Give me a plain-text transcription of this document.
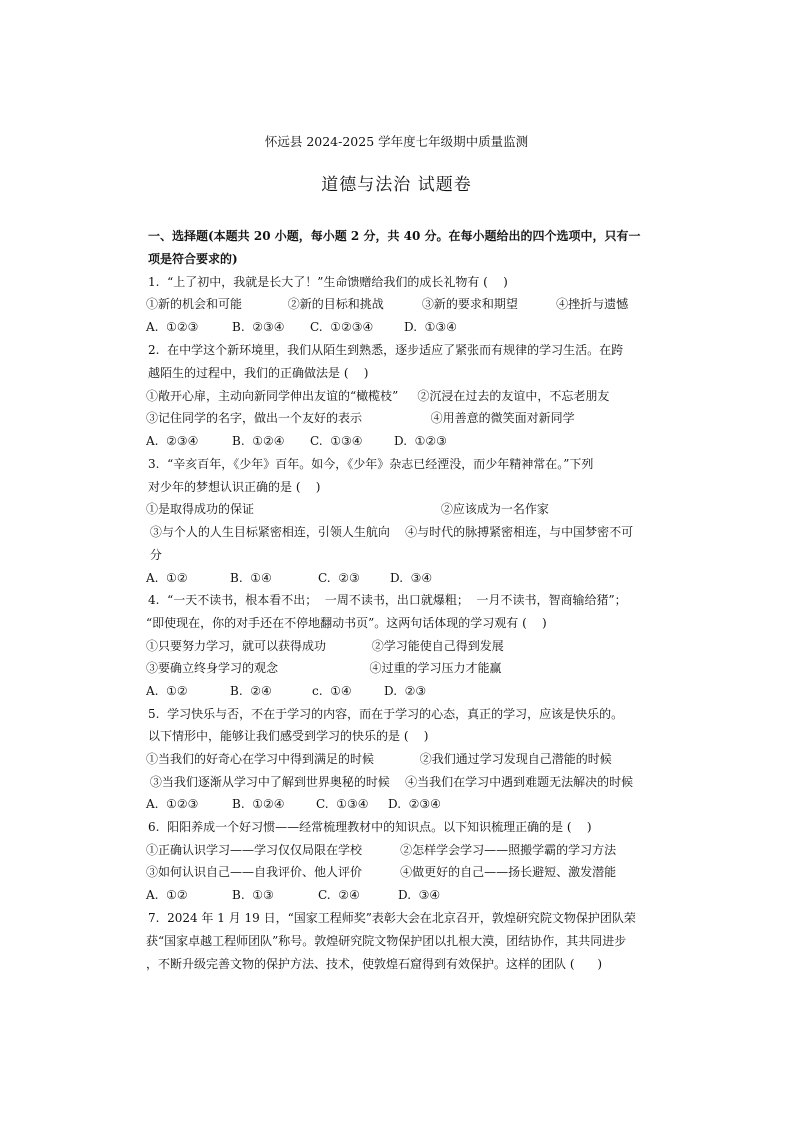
怀远县 2024-2025 学年度七年级期中质量监测
道德与法治 试题卷
一、选择题(本题共 20 小题，每小题 2 分，共 40 分。在每小题给出的四个选项中，只有一
项是符合要求的)
1.  “上了初中，我就是长大了！”生命馈赠给我们的成长礼物有 (    )
①新的机会和可能            ②新的目标和挑战          ③新的要求和期望          ④挫折与遗憾

A.  ①②③

	B.  ②③④

C.  ①②③④

	D.  ①③④

2.  在中学这个新环境里，我们从陌生到熟悉，逐步适应了紧张而有规律的学习生活。在跨
越陌生的过程中，我们的正确做法是 (    )
①敞开心扉，主动向新同学伸出友谊的“橄榄枝”     ②沉浸在过去的友谊中，不忘老朋友
③记住同学的名字，做出一个友好的表示                  ④用善意的微笑面对新同学

A.  ②③④

	B.  ①②④

C.  ①③④

	D.  ①②③

3.  “辛亥百年，《少年》百年。如今，《少年》杂志已经湮没，而少年精神常在。”下列
对少年的梦想认识正确的是 (    )
①是取得成功的保证                                                 ②应该成为一名作家
③与个人的人生目标紧密相连，引领人生航向    ④与时代的脉搏紧密相连，与中国梦密不可
分

A.  ①②

	B.  ①④

	C.  ②③

	D.  ③④

4.  “一天不读书，根本看不出；  一周不读书，出口就爆粗；  一月不读书，智商输给猪”；
“即使现在，你的对手还在不停地翻动书页”。这两句话体现的学习观有 (    )
①只要努力学习，就可以获得成功            ②学习能使自己得到发展
③要确立终身学习的观念                        ④过重的学习压力才能赢

A.  ①②

	B.  ②④

	c.  ①④

	D.  ②③

5.  学习快乐与否，不在于学习的内容，而在于学习的心态，真正的学习，应该是快乐的。
以下情形中，能够让我们感受到学习的快乐的是 (    )
①当我们的好奇心在学习中得到满足的时候            ②我们通过学习发现自己潜能的时候
③当我们逐渐从学习中了解到世界奥秘的时候    ④当我们在学习中遇到难题无法解决的时候

A.  ①②③

	B.  ①②④

	C.  ①③④

D.  ②③④

6.  阳阳养成一个好习惯——经常梳理教材中的知识点。以下知识梳理正确的是 (    )
①正确认识学习——学习仅仅局限在学校          ②怎样学会学习——照搬学霸的学习方法
③如何认识自己——自我评价、他人评价          ④做更好的自己——扬长避短、激发潜能

A.  ①②

	B.  ①③

	C.  ②④

	D.  ③④

7.  2024 年 1 月 19 日，“国家工程师奖”表彰大会在北京召开，敦煌研究院文物保护团队荣
获“国家卓越工程师团队”称号。敦煌研究院文物保护团以扎根大漠，团结协作，其共同进步
，不断升级完善文物的保护方法、技术，使敦煌石窟得到有效保护。这样的团队 (      )
